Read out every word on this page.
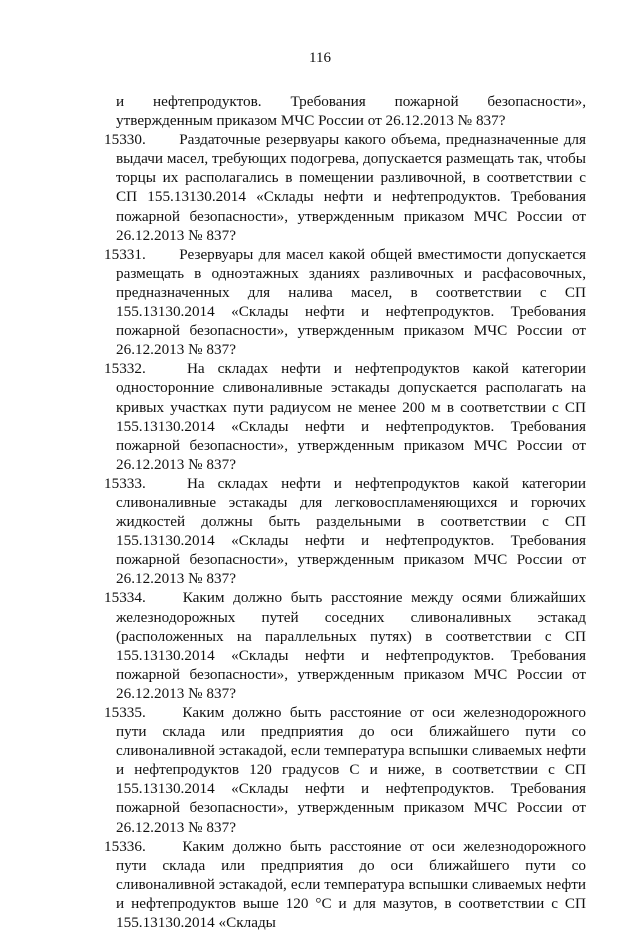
116

и нефтепродуктов. Требования пожарной безопасности», утвержденным приказом МЧС России от 26.12.2013 № 837?

15330. Раздаточные резервуары какого объема, предназначенные для выдачи масел, требующих подогрева, допускается размещать так, чтобы торцы их располагались в помещении разливочной, в соответствии с СП 155.13130.2014 «Склады нефти и нефтепродуктов. Требования пожарной безопасности», утвержденным приказом МЧС России от 26.12.2013 № 837?

15331. Резервуары для масел какой общей вместимости допускается размещать в одноэтажных зданиях разливочных и расфасовочных, предназначенных для налива масел, в соответствии с СП 155.13130.2014 «Склады нефти и нефтепродуктов. Требования пожарной безопасности», утвержденным приказом МЧС России от 26.12.2013 № 837?

15332.	На складах нефти и нефтепродуктов какой категории односторонние сливоналивные эстакады допускается располагать на кривых участках пути радиусом не менее 200 м в соответствии с СП 155.13130.2014 «Склады нефти и нефтепродуктов. Требования пожарной безопасности», утвержденным приказом МЧС России от 26.12.2013 № 837?

15333.	На складах нефти и нефтепродуктов какой категории сливоналивные эстакады для легковоспламеняющихся и горючих жидкостей должны быть раздельными в соответствии с СП 155.13130.2014 «Склады нефти и нефтепродуктов. Требования пожарной безопасности», утвержденным приказом МЧС России от 26.12.2013 № 837?

15334. Каким должно быть расстояние между осями ближайших железнодорожных путей соседних сливоналивных эстакад (расположенных на параллельных путях) в соответствии с СП 155.13130.2014 «Склады нефти и нефтепродуктов. Требования пожарной безопасности», утвержденным приказом МЧС России от 26.12.2013 № 837?

15335. Каким должно быть расстояние от оси железнодорожного пути склада или предприятия до оси ближайшего пути со сливоналивной эстакадой, если температура вспышки сливаемых нефти и нефтепродуктов 120 градусов С и ниже, в соответствии с СП 155.13130.2014 «Склады нефти и нефтепродуктов. Требования пожарной безопасности», утвержденным приказом МЧС России от 26.12.2013 № 837?

15336. Каким должно быть расстояние от оси железнодорожного пути склада или предприятия до оси ближайшего пути со сливоналивной эстакадой, если температура вспышки сливаемых нефти и нефтепродуктов выше 120 °С и для мазутов, в соответствии с СП 155.13130.2014 «Склады
